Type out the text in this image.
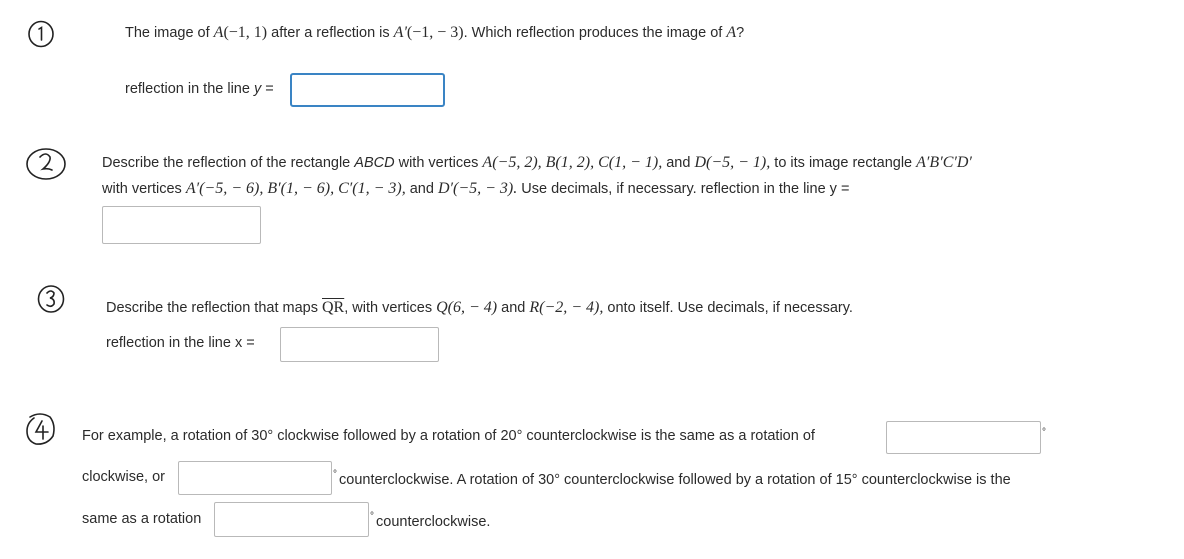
The image of A(−1, 1) after a reflection is A'(−1, − 3). Which reflection produces the image of A?
reflection in the line y =
Describe the reflection of the rectangle ABCD with vertices A(−5, 2), B(1, 2), C(1, − 1), and D(−5, − 1), to its image rectangle A′B′C′D′
with vertices A′(−5, − 6), B′(1, − 6), C′(1, − 3), and D′(−5, − 3). Use decimals, if necessary. reflection in the line y =
Describe the reflection that maps $\overline{QR}$, with vertices Q(6, − 4) and R(−2, − 4), onto itself. Use decimals, if necessary.
reflection in the line x =
For example, a rotation of 30° clockwise followed by a rotation of 20° counterclockwise is the same as a rotation of	°
clockwise, or	° counterclockwise. A rotation of 30° counterclockwise followed by a rotation of 15° counterclockwise is the
same as a rotation	° counterclockwise.
